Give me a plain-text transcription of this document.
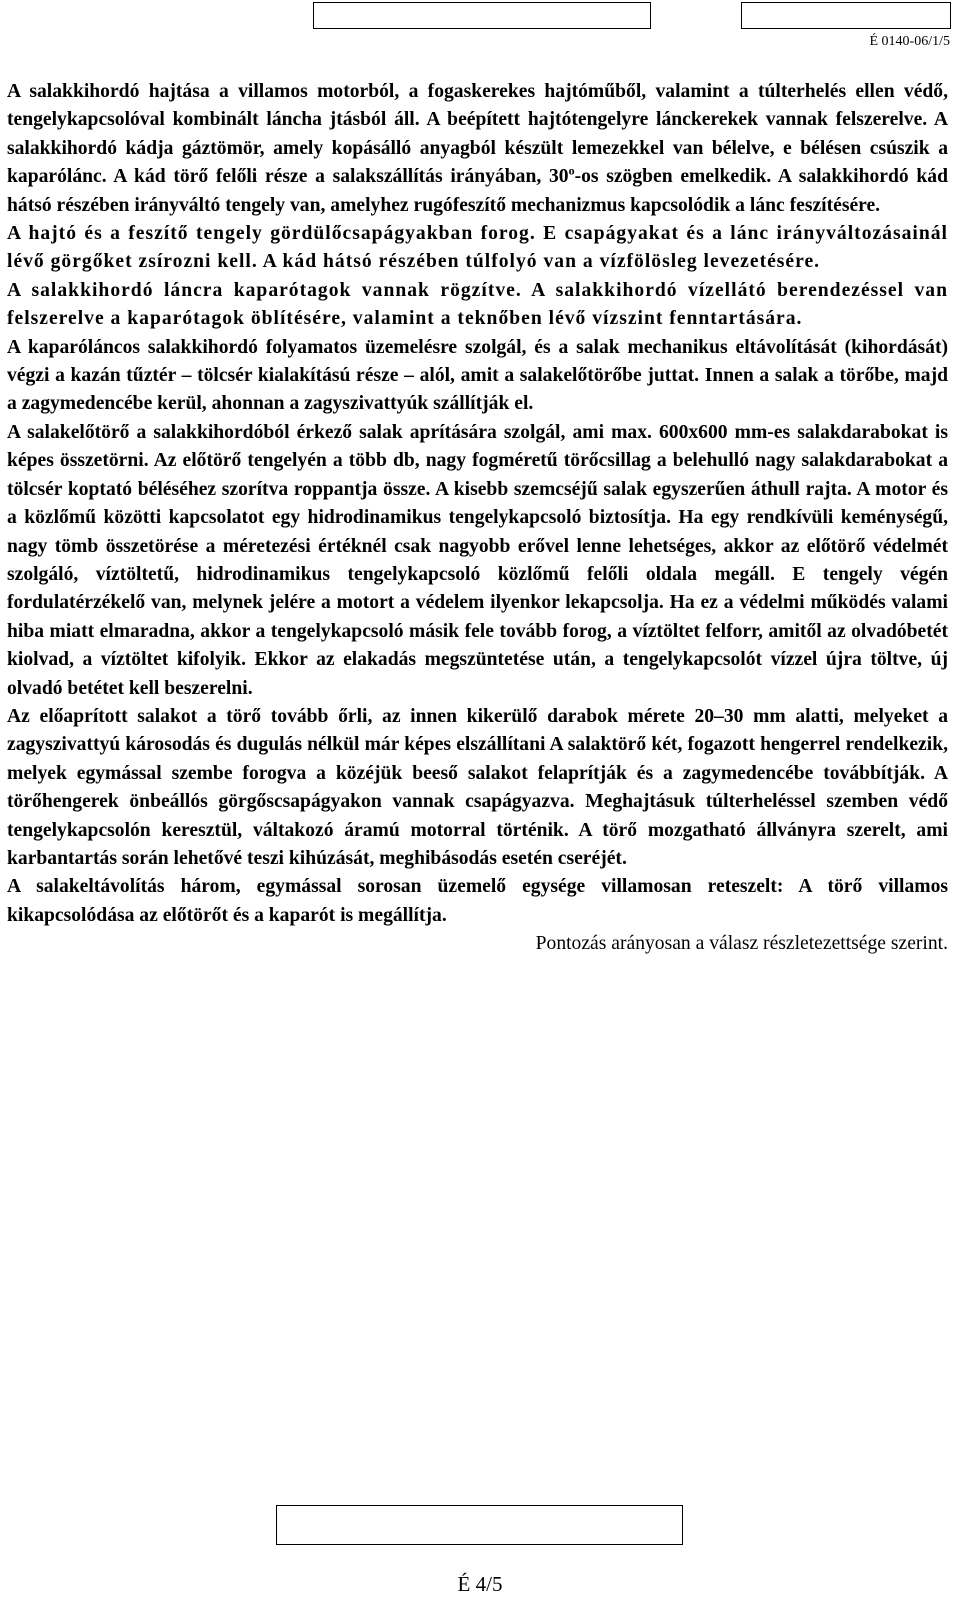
É 0140-06/1/5

A salakkihordó hajtása a villamos motorból, a fogaskerekes hajtóműből, valamint a túlterhelés ellen védő, tengelykapcsolóval kombinált láncha jtásból áll. A beépített hajtótengelyre lánckerekek vannak felszerelve. A salakkihordó kádja gáztömör, amely kopásálló anyagból készült lemezekkel van bélelve, e bélésen csúszik a kaparólánc. A kád törő felőli része a salakszállítás irányában, 30$^o$-os szögben emelkedik. A salakkihordó kád hátsó részében irányváltó tengely van, amelyhez rugófeszítő mechanizmus kapcsolódik a lánc feszítésére.

A hajtó és a feszítő tengely gördülőcsapágyakban forog. E csapágyakat és a lánc irányváltozásainál lévő görgőket zsírozni kell. A kád hátsó részében túlfolyó van a vízfölösleg levezetésére.

A salakkihordó láncra kaparótagok vannak rögzítve. A salakkihordó vízellátó berendezéssel van felszerelve a kaparótagok öblítésére, valamint a teknőben lévő vízszint fenntartására.

A kaparóláncos salakkihordó folyamatos üzemelésre szolgál, és a salak mechanikus eltávolítását (kihordását) végzi a kazán tűztér – tölcsér kialakítású része – alól, amit a salakelőtörőbe juttat. Innen a salak a törőbe, majd a zagymedencébe kerül, ahonnan a zagyszivattyúk szállítják el.

A salakelőtörő a salakkihordóból érkező salak aprítására szolgál, ami max. 600x600 mm-es salakdarabokat is képes összetörni. Az előtörő tengelyén a több db, nagy fogméretű törőcsillag a belehulló nagy salakdarabokat a tölcsér koptató béléséhez szorítva roppantja össze. A kisebb szemcséjű salak egyszerűen áthull rajta. A motor és a közlőmű közötti kapcsolatot egy hidrodinamikus tengelykapcsoló biztosítja. Ha egy rendkívüli keménységű, nagy tömb összetörése a méretezési értéknél csak nagyobb erővel lenne lehetséges, akkor az előtörő védelmét szolgáló, víztöltetű, hidrodinamikus tengelykapcsoló közlőmű felőli oldala megáll. E tengely végén fordulatérzékelő van, melynek jelére a motort a védelem ilyenkor lekapcsolja. Ha ez a védelmi működés valami hiba miatt elmaradna, akkor a tengelykapcsoló másik fele tovább forog, a víztöltet felforr, amitől az olvadóbetét kiolvad, a víztöltet kifolyik. Ekkor az elakadás megszüntetése után, a tengelykapcsolót vízzel újra töltve, új olvadó betétet kell beszerelni.

Az előaprított salakot a törő tovább őrli, az innen kikerülő darabok mérete 20–30 mm alatti, melyeket a zagyszivattyú károsodás és dugulás nélkül már képes elszállítani A salaktörő két, fogazott hengerrel rendelkezik, melyek egymással szembe forogva a közéjük beeső salakot felaprítják és a zagymedencébe továbbítják. A törőhengerek önbeállós görgőscsapágyakon vannak csapágyazva. Meghajtásuk túlterheléssel szemben védő tengelykapcsolón keresztül, váltakozó áramú motorral történik. A törő mozgatható állványra szerelt, ami karbantartás során lehetővé teszi kihúzását, meghibásodás esetén cseréjét.

A salakeltávolítás három, egymással sorosan üzemelő egysége villamosan reteszelt: A törő villamos kikapcsolódása az előtörőt és a kaparót is megállítja.

Pontozás arányosan a válasz részletezettsége szerint.

É 4/5
